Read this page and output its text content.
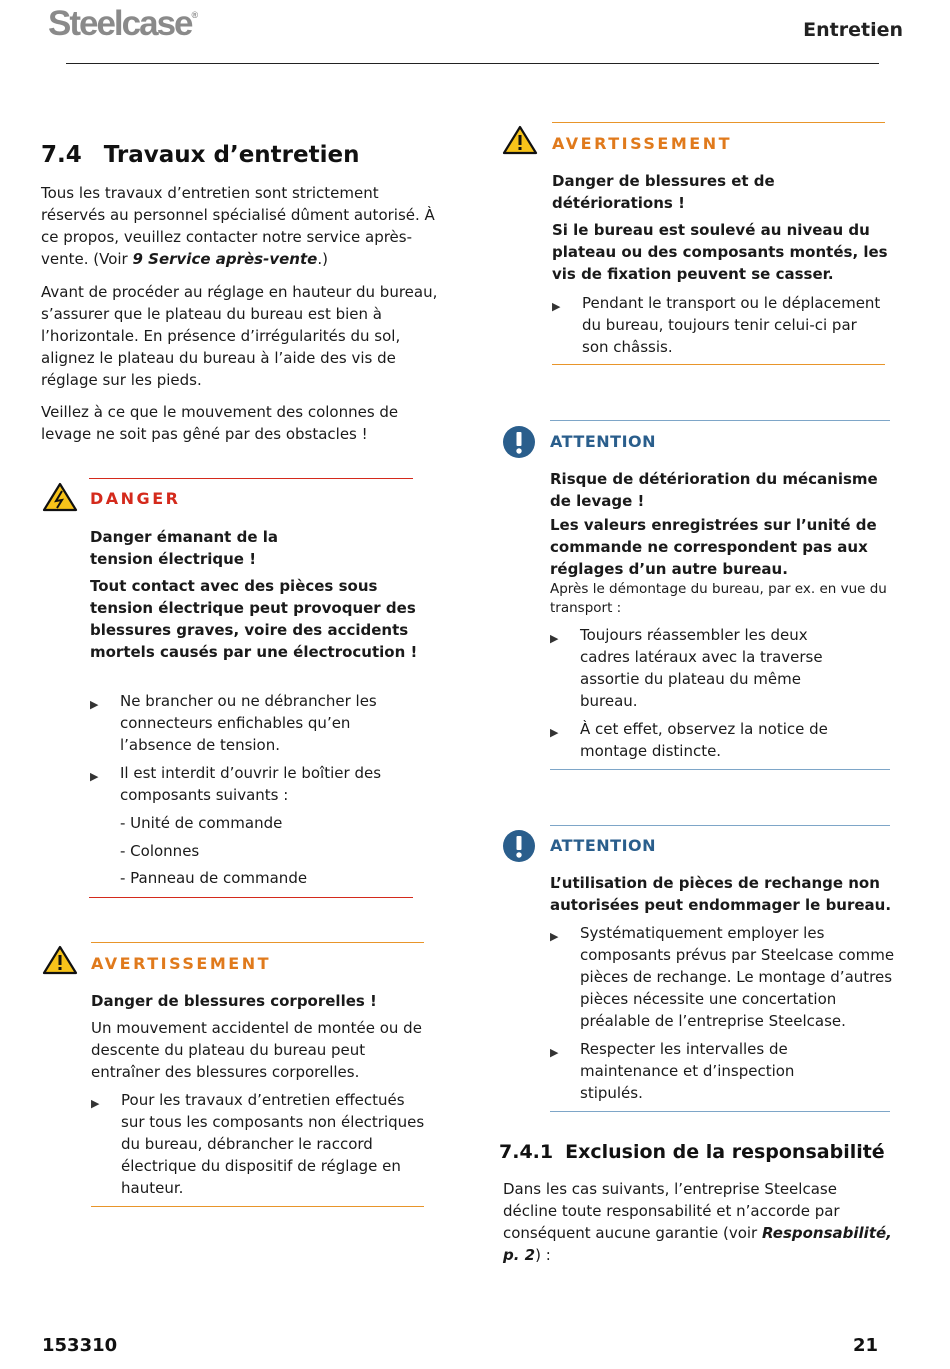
Steelcase®
Entretien
7.4 Travaux d’entretien
Tous les travaux d’entretien sont strictement réservés au personnel spécialisé dûment autorisé. À ce propos, veuillez contacter notre service après-vente. (Voir 9 Service après-vente.)
Avant de procéder au réglage en hauteur du bureau, s’assurer que le plateau du bureau est bien à l’horizontale. En présence d’irrégularités du sol, alignez le plateau du bureau à l’aide des vis de réglage sur les pieds.
Veillez à ce que le mouvement des colonnes de levage ne soit pas gêné par des obstacles !
DANGER
Danger émanant de la tension électrique !
Tout contact avec des pièces sous tension électrique peut provoquer des blessures graves, voire des accidents mortels causés par une électrocution !
▶	Ne brancher ou ne débrancher les connecteurs enfichables qu’en l’absence de tension.
▶	Il est interdit d’ouvrir le boîtier des composants suivants :
- Unité de commande
- Colonnes
- Panneau de commande
AVERTISSEMENT
Danger de blessures corporelles !
Un mouvement accidentel de montée ou de descente du plateau du bureau peut entraîner des blessures corporelles.
▶	Pour les travaux d’entretien effectués sur tous les composants non électriques du bureau, débrancher le raccord électrique du dispositif de réglage en hauteur.
AVERTISSEMENT
Danger de blessures et de détériorations !
Si le bureau est soulevé au niveau du plateau ou des composants montés, les vis de fixation peuvent se casser.
▶	Pendant le transport ou le déplacement du bureau, toujours tenir celui-ci par son châssis.
ATTENTION
Risque de détérioration du mécanisme de levage !
Les valeurs enregistrées sur l’unité de commande ne correspondent pas aux réglages d’un autre bureau.
Après le démontage du bureau, par ex. en vue du transport :
▶	Toujours réassembler les deux cadres latéraux avec la traverse assortie du plateau du même bureau.
▶	À cet effet, observez la notice de montage distincte.
ATTENTION
L’utilisation de pièces de rechange non autorisées peut endommager le bureau.
▶	Systématiquement employer les composants prévus par Steelcase comme pièces de rechange. Le montage d’autres pièces nécessite une concertation préalable de l’entreprise Steelcase.
▶	Respecter les intervalles de maintenance et d’inspection stipulés.
7.4.1 Exclusion de la responsabilité
Dans les cas suivants, l’entreprise Steelcase décline toute responsabilité et n’accorde par conséquent aucune garantie (voir Responsabilité, p. 2) :
153310	21
